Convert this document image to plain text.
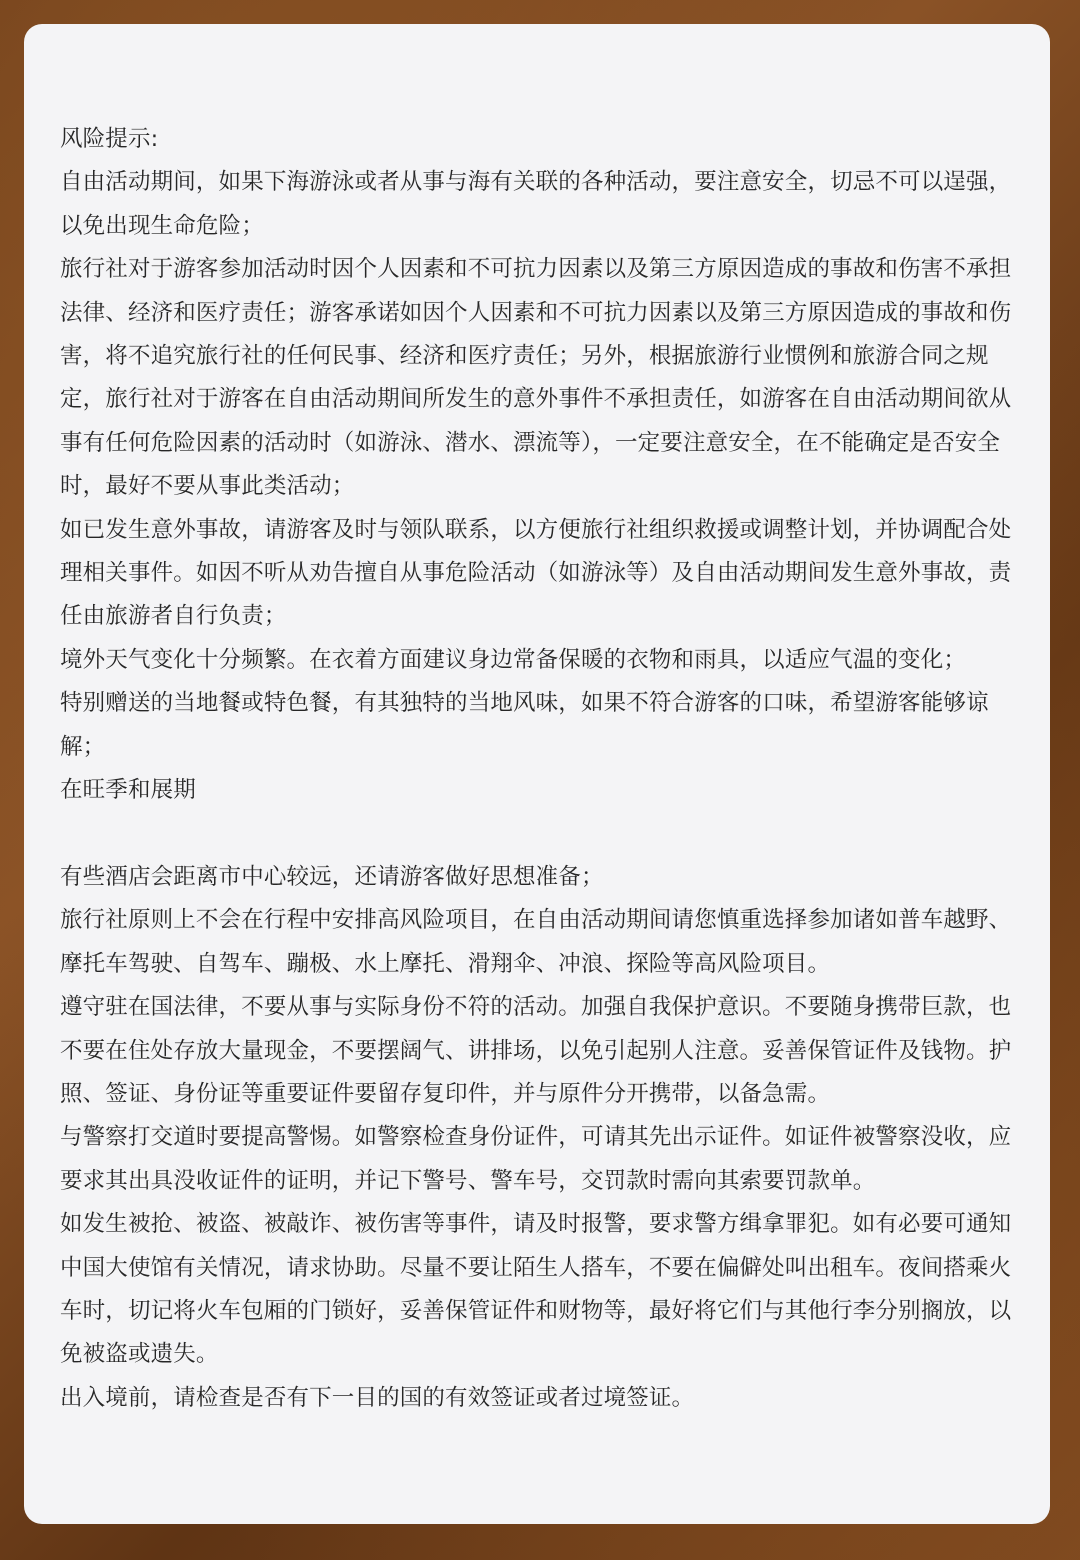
风险提示:

自由活动期间，如果下海游泳或者从事与海有关联的各种活动，要注意安全，切忌不可以逞强，以免出现生命危险；

旅行社对于游客参加活动时因个人因素和不可抗力因素以及第三方原因造成的事故和伤害不承担法律、经济和医疗责任；游客承诺如因个人因素和不可抗力因素以及第三方原因造成的事故和伤害，将不追究旅行社的任何民事、经济和医疗责任；另外，根据旅游行业惯例和旅游合同之规定，旅行社对于游客在自由活动期间所发生的意外事件不承担责任，如游客在自由活动期间欲从事有任何危险因素的活动时（如游泳、潜水、漂流等），一定要注意安全，在不能确定是否安全时，最好不要从事此类活动；

如已发生意外事故，请游客及时与领队联系，以方便旅行社组织救援或调整计划，并协调配合处理相关事件。如因不听从劝告擅自从事危险活动（如游泳等）及自由活动期间发生意外事故，责任由旅游者自行负责；

境外天气变化十分频繁。在衣着方面建议身边常备保暖的衣物和雨具，以适应气温的变化；

特别赠送的当地餐或特色餐，有其独特的当地风味，如果不符合游客的口味，希望游客能够谅解；

在旺季和展期

有些酒店会距离市中心较远，还请游客做好思想准备；

旅行社原则上不会在行程中安排高风险项目，在自由活动期间请您慎重选择参加诸如普车越野、摩托车驾驶、自驾车、蹦极、水上摩托、滑翔伞、冲浪、探险等高风险项目。

遵守驻在国法律，不要从事与实际身份不符的活动。加强自我保护意识。不要随身携带巨款，也不要在住处存放大量现金，不要摆阔气、讲排场，以免引起别人注意。妥善保管证件及钱物。护照、签证、身份证等重要证件要留存复印件，并与原件分开携带，以备急需。

与警察打交道时要提高警惕。如警察检查身份证件，可请其先出示证件。如证件被警察没收，应要求其出具没收证件的证明，并记下警号、警车号，交罚款时需向其索要罚款单。

如发生被抢、被盗、被敲诈、被伤害等事件，请及时报警，要求警方缉拿罪犯。如有必要可通知中国大使馆有关情况，请求协助。尽量不要让陌生人搭车，不要在偏僻处叫出租车。夜间搭乘火车时，切记将火车包厢的门锁好，妥善保管证件和财物等，最好将它们与其他行李分别搁放，以免被盗或遗失。

出入境前，请检查是否有下一目的国的有效签证或者过境签证。
